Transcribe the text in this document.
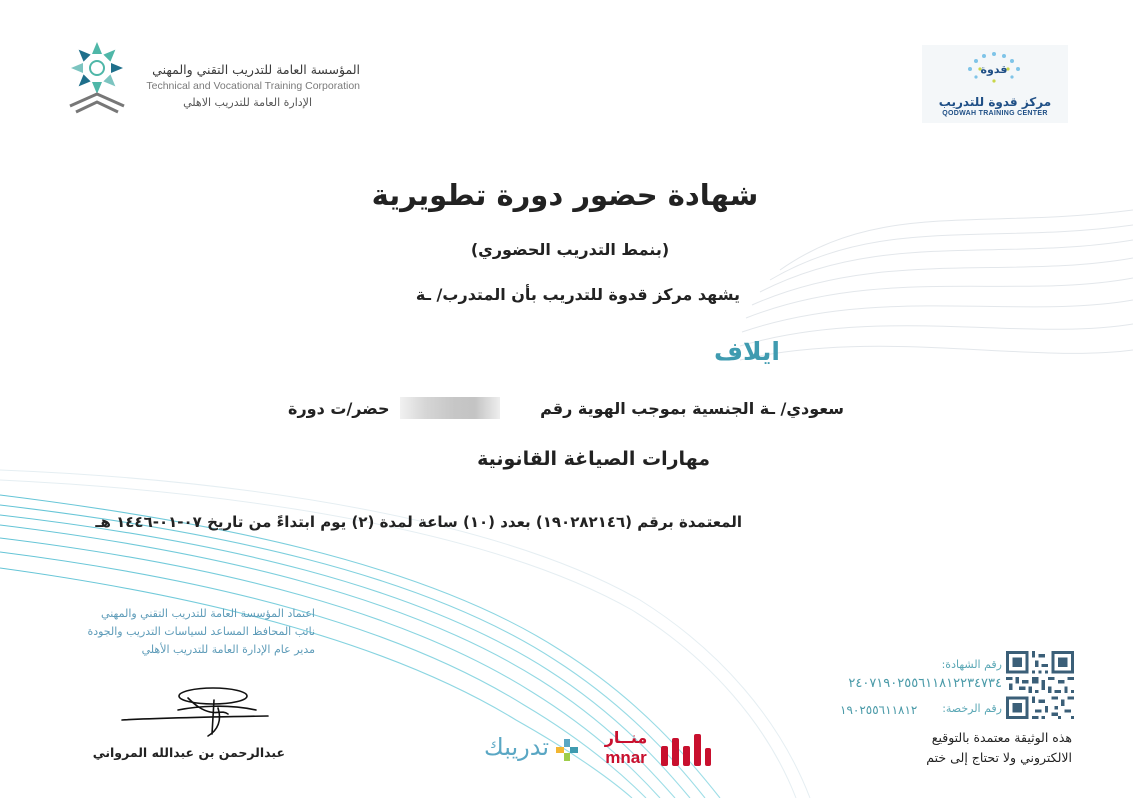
المؤسسة العامة للتدريب التقني والمهني
Technical and Vocational Training Corporation
الإدارة العامة للتدريب الاهلي
قدوة
مركز قدوة للتدريب
QODWAH TRAINING CENTER
شهادة حضور دورة تطويرية
(بنمط التدريب الحضوري)
يشهد مركز قدوة للتدريب بأن المتدرب/ ـة
ايلاف
سعودي/ ـة الجنسية بموجب الهوية رقم
حضر/ت دورة
مهارات الصياغة القانونية
المعتمدة برقم (١٩٠٢٨٢١٤٦) بعدد (١٠) ساعة لمدة (٢) يوم ابتداءً من تاريخ ٠٧-٠١-١٤٤٦ هـ
اعتماد المؤسسة العامة للتدريب التقني والمهني
نائب المحافظ المساعد لسياسات التدريب والجودة
مدير عام الإدارة العامة للتدريب الأهلي
عبدالرحمن بن عبدالله المرواني	تدريبك	منــار
mnar
رقم الشهادة:
٢٤٠٧١٩٠٢٥٥٦١١٨١٢٢٣٤٧٣٤
رقم الرخصة:
١٩٠٢٥٥٦١١٨١٢
هذه الوثيقة معتمدة بالتوقيع
الالكتروني ولا تحتاج إلى ختم
